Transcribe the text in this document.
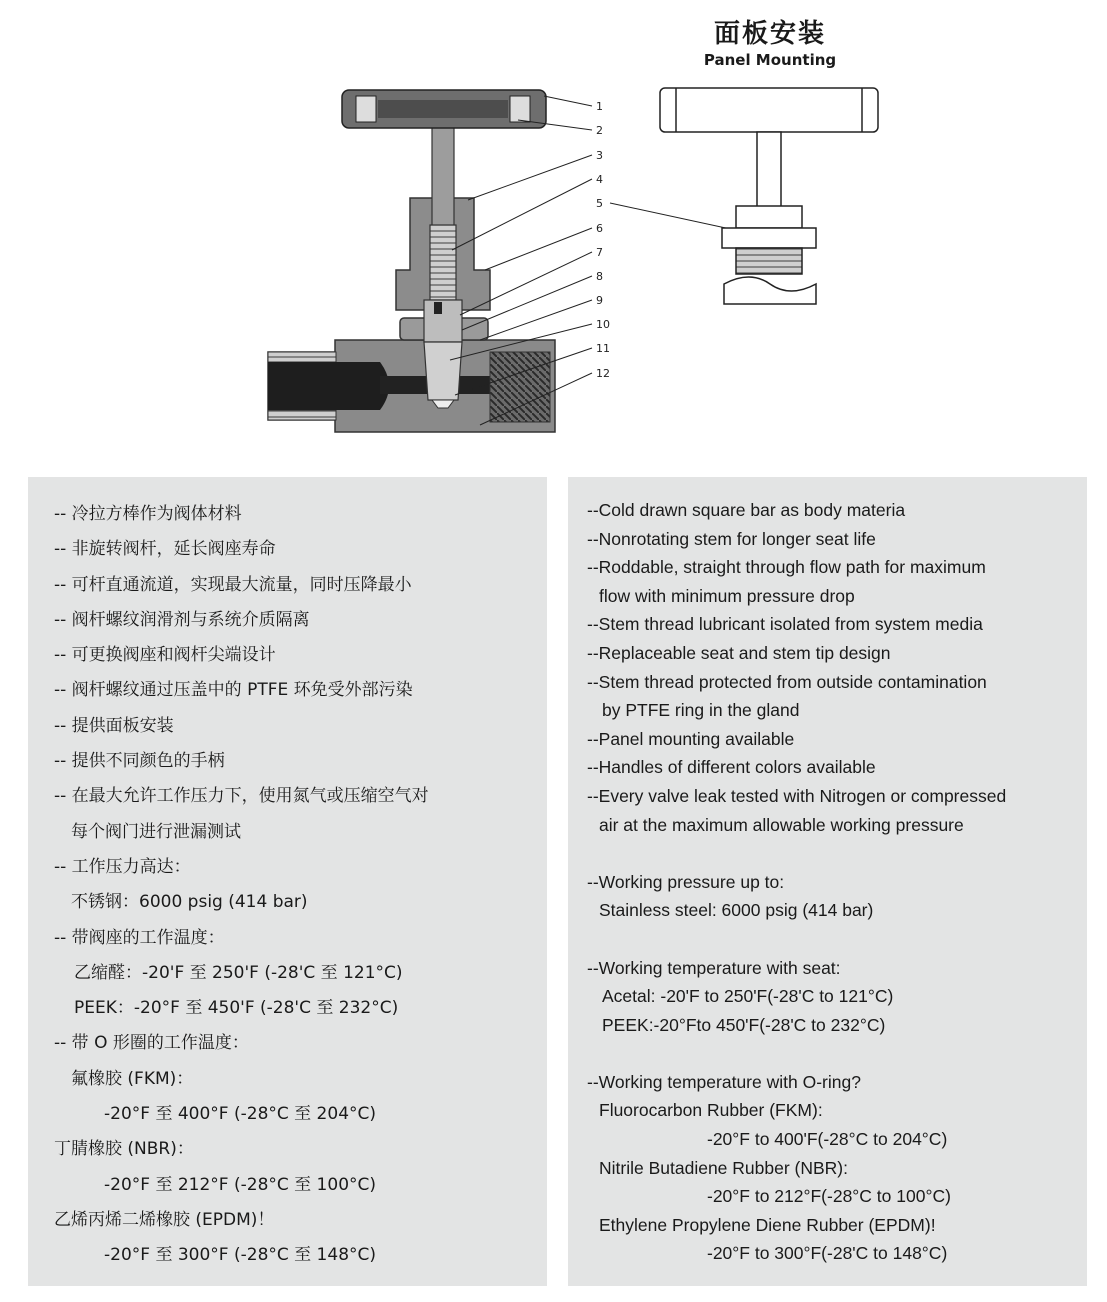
1
2
3
4
5
6
7
8
9
10
11
12
面板安装
Panel Mounting
-- 冷拉方棒作为阀体材料
-- 非旋转阀杆，延长阀座寿命
-- 可杆直通流道，实现最大流量，同时压降最小
-- 阀杆螺纹润滑剂与系统介质隔离
-- 可更换阀座和阀杆尖端设计
-- 阀杆螺纹通过压盖中的 PTFE 环免受外部污染
-- 提供面板安装
-- 提供不同颜色的手柄
-- 在最大允许工作压力下，使用氮气或压缩空气对
每个阀门进行泄漏测试
-- 工作压力高达：
不锈钢：6000 psig (414 bar)
-- 带阀座的工作温度：
乙缩醛：-20'F 至 250'F (-28'C 至 121°C)
PEEK：-20°F 至 450'F (-28'C 至 232°C)
-- 带 O 形圈的工作温度：
氟橡胶 (FKM)：
-20°F 至 400°F (-28°C 至 204°C)
丁腈橡胶 (NBR)：
-20°F 至 212°F (-28°C 至 100°C)
乙烯丙烯二烯橡胶 (EPDM)！
-20°F 至 300°F (-28°C 至 148°C)
--Cold drawn square bar as body materia
--Nonrotating stem for longer seat life
--Roddable, straight through flow path for maximum
flow with minimum pressure drop
--Stem thread lubricant isolated from system media
--Replaceable seat and stem tip design
--Stem thread protected from outside contamination
by PTFE ring in the gland
--Panel mounting available
--Handles of different colors available
--Every valve leak tested with Nitrogen or compressed
air at the maximum allowable working pressure
--Working pressure up to:
Stainless steel: 6000 psig (414 bar)
--Working temperature with seat:
Acetal: -20'F to 250'F(-28'C to 121°C)
PEEK:-20°Fto 450'F(-28'C to 232°C)
--Working temperature with O-ring?
Fluorocarbon Rubber (FKM):
-20°F to 400'F(-28°C to 204°C)
Nitrile Butadiene Rubber (NBR):
-20°F to 212°F(-28°C to 100°C)
Ethylene Propylene Diene Rubber (EPDM)!
-20°F to 300°F(-28'C to 148°C)
